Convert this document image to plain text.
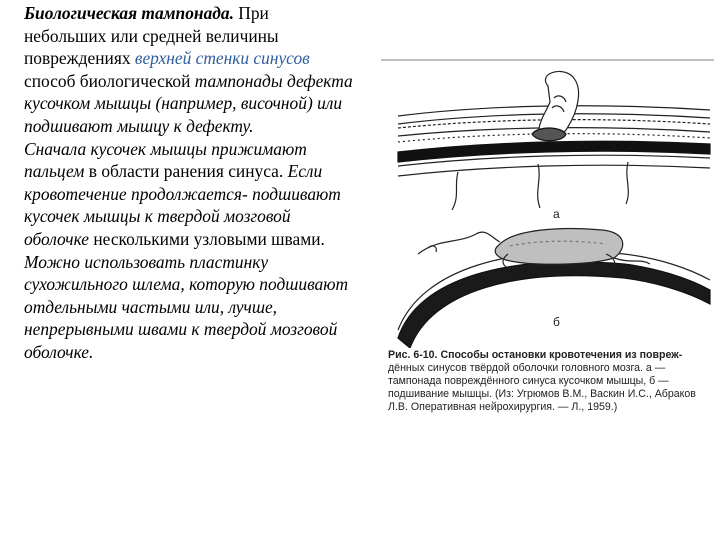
Биологическая тампонада. При небольших или средней величины повреждениях верхней стенки синусов способ биологической тампонады дефекта кусочком мышцы (например, височной) или подшивают мышцу к дефекту.

Сначала кусочек мышцы прижимают пальцем в области ранения синуса. Если кровотечение продолжается- подшивают кусочек мышцы к твердой мозговой оболочке несколькими узловыми швами.

Можно использовать пластинку сухожильного шлема, которую подшивают отдельными частыми или, лучше, непрерывными швами к твердой мозговой оболочке.

а
б
Рис. 6-10. Способы остановки кровотечения из повреж- дённых синусов твёрдой оболочки головного мозга. а — тампонада повреждённого синуса кусочком мышцы, б — подшивание мышцы. (Из: Угрюмов В.М., Васкин И.С., Абраков Л.В. Оперативная нейрохирургия. — Л., 1959.)
